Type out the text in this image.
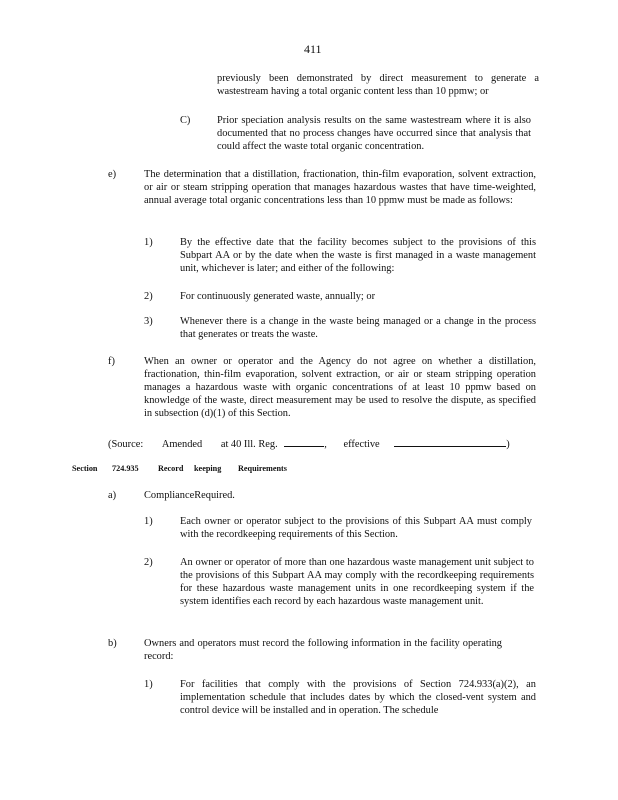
411
previously been demonstrated by direct measurement to generate a wastestream having a total organic content less than 10 ppmw; or
C)	Prior speciation analysis results on the same wastestream where it is also documented that no process changes have occurred since that analysis that could affect the waste total organic concentration.
e)	The determination that a distillation, fractionation, thin-film evaporation, solvent extraction, or air or steam stripping operation that manages hazardous wastes that have time-weighted, annual average total organic concentrations less than 10 ppmw must be made as follows:
1)	By the effective date that the facility becomes subject to the provisions of this Subpart AA or by the date when the waste is first managed in a waste management unit, whichever is later; and either of the following:
2)	For continuously generated waste, annually; or
3)	Whenever there is a change in the waste being managed or a change in the process that generates or treats the waste.
f)	When an owner or operator and the Agency do not agree on whether a distillation, fractionation, thin-film evaporation, solvent extraction, or air or steam stripping operation manages a hazardous waste with organic concentrations of at least 10 ppmw based on knowledge of the waste, direct measurement may be used to resolve the dispute, as specified in subsection (d)(1) of this Section.
(Source: Amended at 40 Ill. Reg.	, effective	)
Section 724.935 Record keeping Requirements
a)	ComplianceRequired.
1)	Each owner or operator subject to the provisions of this Subpart AA must comply with the recordkeeping requirements of this Section.
2)	An owner or operator of more than one hazardous waste management unit subject to the provisions of this Subpart AA may comply with the recordkeeping requirements for these hazardous waste management units in one recordkeeping system if the system identifies each record by each hazardous waste management unit.
b)	Owners and operators must record the following information in the facility operating record:
1)	For facilities that comply with the provisions of Section 724.933(a)(2), an implementation schedule that includes dates by which the closed-vent system and control device will be installed and in operation. The schedule
